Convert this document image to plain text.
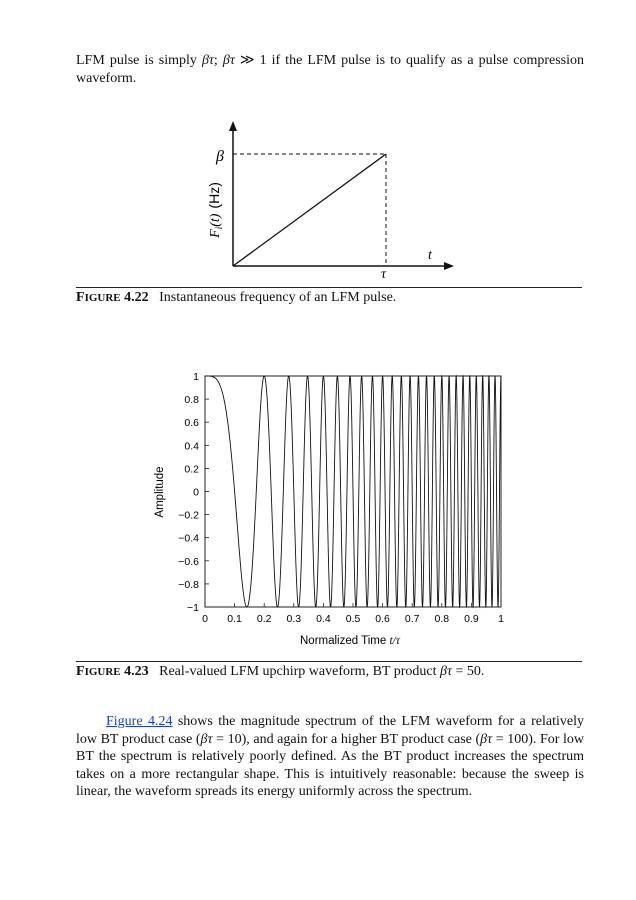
LFM pulse is simply βτ; βτ ≫ 1 if the LFM pulse is to qualify as a pulse compression waveform.

β
τ
t
$F_i(t)(Hz)$
FIGURE 4.22 Instantaneous frequency of an LFM pulse.
1
0.8
0.6
0.4
0.2
0
−0.2
−0.4
−0.6
−0.8
−1
0 0.1 0.2 0.3 0.4 0.5 0.6 0.7 0.8 0.9 1
Normalized Time t/τ
Amplitude
FIGURE 4.23 Real-valued LFM upchirp waveform, BT product βτ = 50.

Figure 4.24 shows the magnitude spectrum of the LFM waveform for a relatively low BT product case (βτ = 10), and again for a higher BT product case (βτ = 100). For low BT the spectrum is relatively poorly defined. As the BT product increases the spectrum takes on a more rectangular shape. This is intuitively reasonable: because the sweep is linear, the waveform spreads its energy uniformly across the spectrum.
